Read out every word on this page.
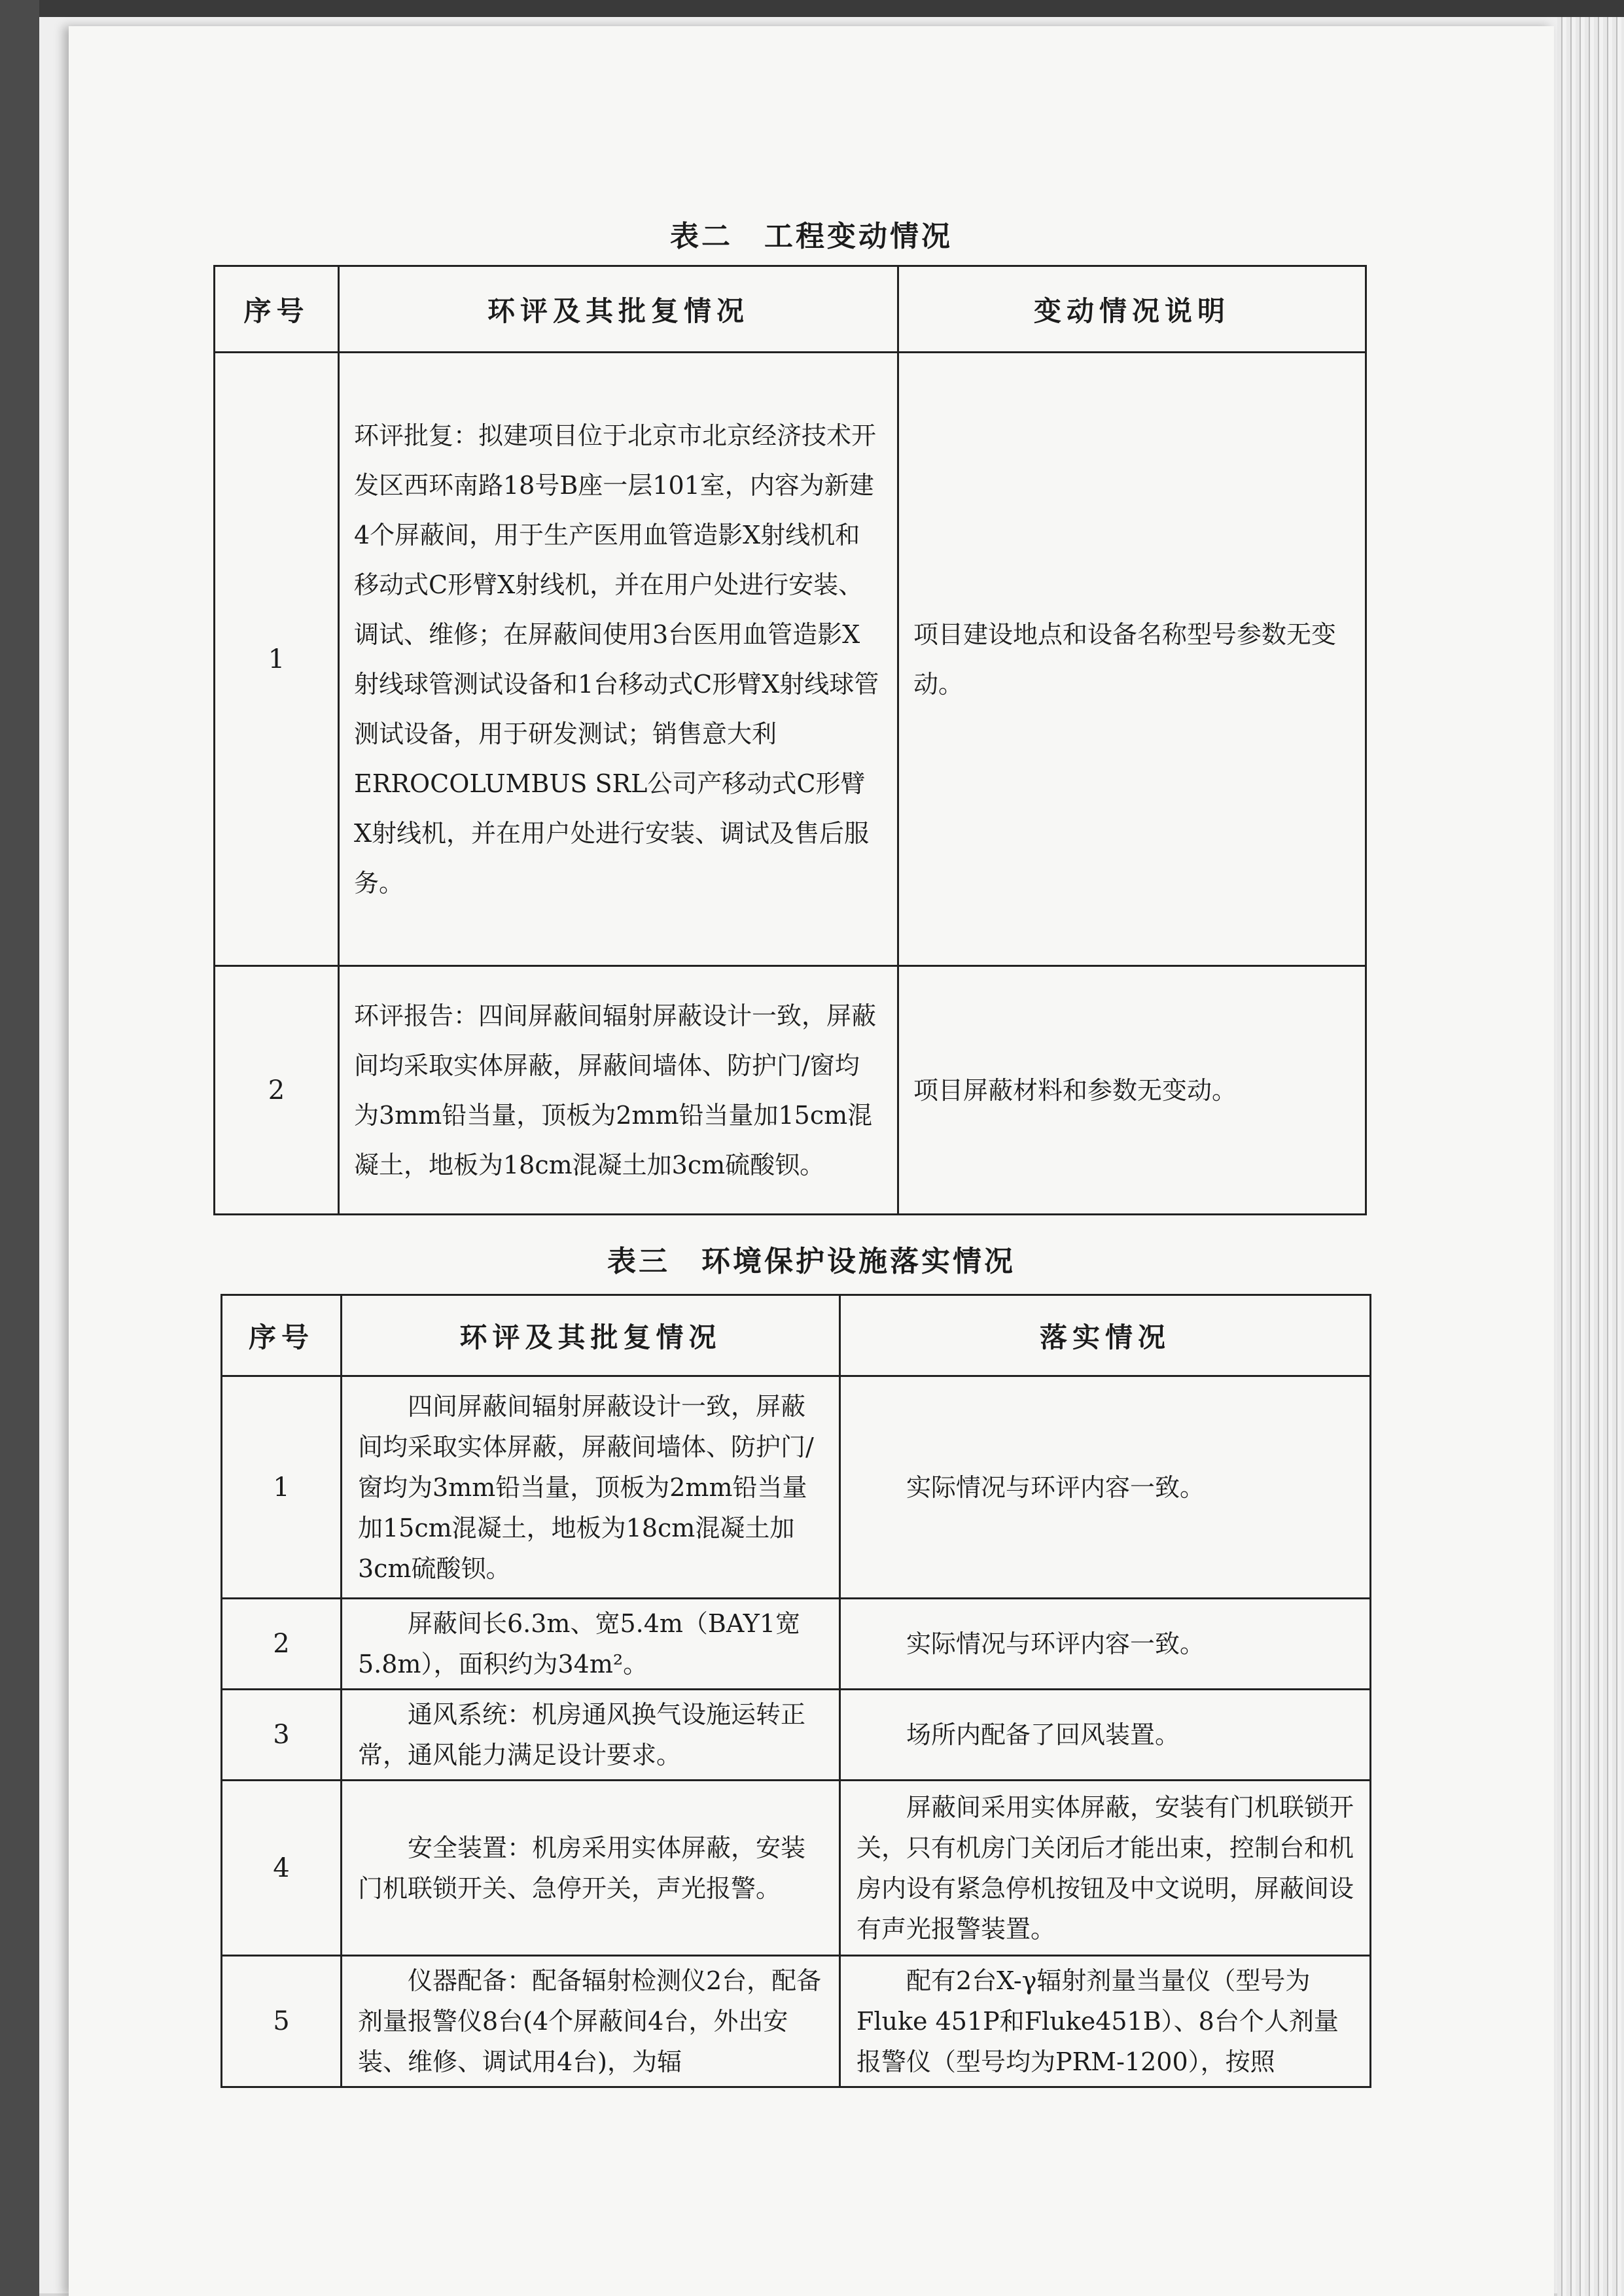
表二　工程变动情况
序号	环评及其批复情况	变动情况说明
1	环评批复：拟建项目位于北京市北京经济技术开发区西环南路18号B座一层101室，内容为新建4个屏蔽间，用于生产医用血管造影X射线机和移动式C形臂X射线机，并在用户处进行安装、调试、维修；在屏蔽间使用3台医用血管造影X射线球管测试设备和1台移动式C形臂X射线球管测试设备，用于研发测试；销售意大利ERROCOLUMBUS SRL公司产移动式C形臂X射线机，并在用户处进行安装、调试及售后服务。	项目建设地点和设备名称型号参数无变动。
2	环评报告：四间屏蔽间辐射屏蔽设计一致，屏蔽间均采取实体屏蔽，屏蔽间墙体、防护门/窗均为3mm铅当量，顶板为2mm铅当量加15cm混凝土，地板为18cm混凝土加3cm硫酸钡。	项目屏蔽材料和参数无变动。
表三　环境保护设施落实情况
序号	环评及其批复情况	落实情况
1	四间屏蔽间辐射屏蔽设计一致，屏蔽间均采取实体屏蔽，屏蔽间墙体、防护门/窗均为3mm铅当量，顶板为2mm铅当量加15cm混凝土，地板为18cm混凝土加3cm硫酸钡。	实际情况与环评内容一致。
2	屏蔽间长6.3m、宽5.4m（BAY1宽5.8m），面积约为34m²。	实际情况与环评内容一致。
3	通风系统：机房通风换气设施运转正常，通风能力满足设计要求。	场所内配备了回风装置。
4	安全装置：机房采用实体屏蔽，安装门机联锁开关、急停开关，声光报警。	屏蔽间采用实体屏蔽，安装有门机联锁开关，只有机房门关闭后才能出束，控制台和机房内设有紧急停机按钮及中文说明，屏蔽间设有声光报警装置。
5	仪器配备：配备辐射检测仪2台，配备剂量报警仪8台(4个屏蔽间4台，外出安装、维修、调试用4台)，为辐	配有2台X-γ辐射剂量当量仪（型号为Fluke 451P和Fluke451B）、8台个人剂量报警仪（型号均为PRM-1200），按照
